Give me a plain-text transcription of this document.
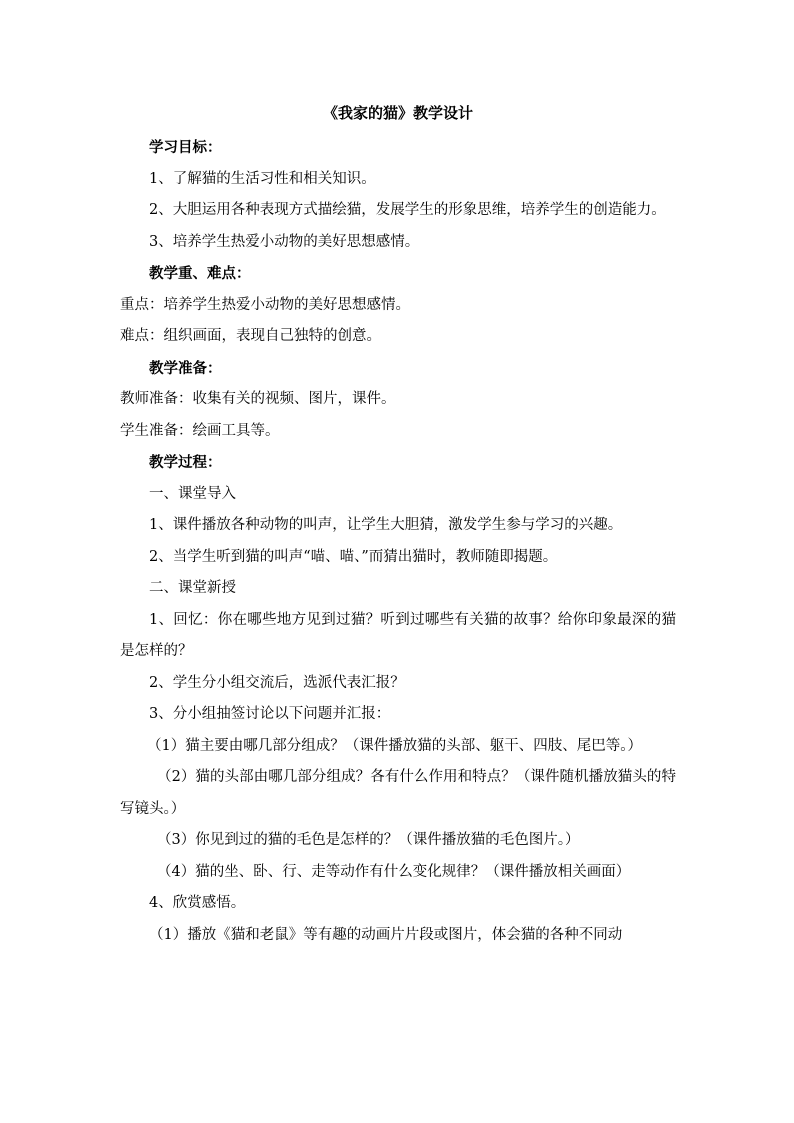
《我家的猫》教学设计

学习目标：

1、了解猫的生活习性和相关知识。

2、大胆运用各种表现方式描绘猫，发展学生的形象思维，培养学生的创造能力。

3、培养学生热爱小动物的美好思想感情。

教学重、难点：

重点：培养学生热爱小动物的美好思想感情。

难点：组织画面，表现自己独特的创意。

教学准备：

教师准备：收集有关的视频、图片，课件。

学生准备：绘画工具等。

教学过程：

一、课堂导入

1、课件播放各种动物的叫声，让学生大胆猜，激发学生参与学习的兴趣。

2、当学生听到猫的叫声“喵、喵、”而猜出猫时，教师随即揭题。

二、课堂新授

1、回忆：你在哪些地方见到过猫？听到过哪些有关猫的故事？给你印象最深的猫是怎样的？

2、学生分小组交流后，选派代表汇报？

3、分小组抽签讨论以下问题并汇报：

（1）猫主要由哪几部分组成？（课件播放猫的头部、躯干、四肢、尾巴等。）

（2）猫的头部由哪几部分组成？各有什么作用和特点？（课件随机播放猫头的特写镜头。）

（3）你见到过的猫的毛色是怎样的？（课件播放猫的毛色图片。）

（4）猫的坐、卧、行、走等动作有什么变化规律？（课件播放相关画面）

4、欣赏感悟。

（1）播放《猫和老鼠》等有趣的动画片片段或图片，体会猫的各种不同动
